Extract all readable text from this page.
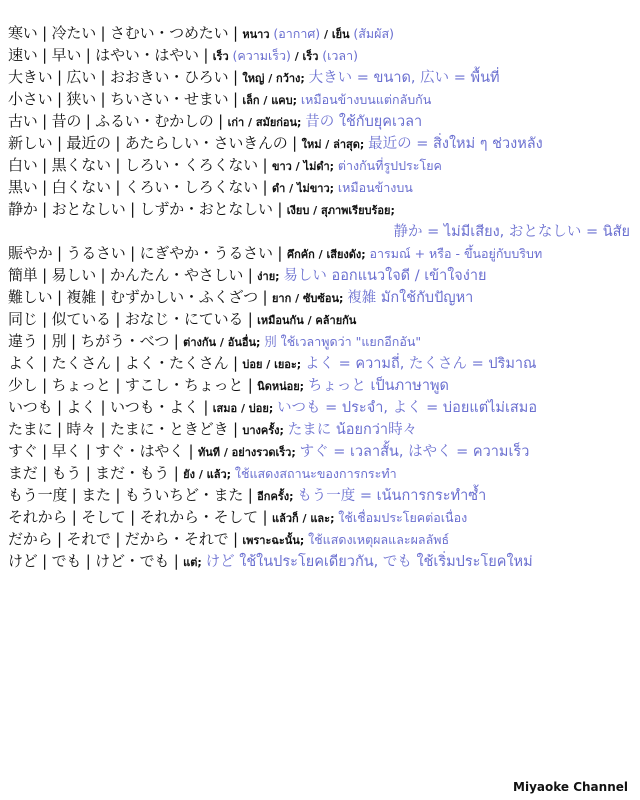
寒い | 冷たい | さむい・つめたい | หนาว (อากาศ) / เย็น (สัมผัส)
速い | 早い | はやい・はやい | เร็ว (ความเร็ว) / เร็ว (เวลา)
大きい | 広い | おおきい・ひろい | ใหญ่ / กว้าง; 大きい = ขนาด, 広い = พื้นที่
小さい | 狭い | ちいさい・せまい | เล็ก / แคบ; เหมือนข้างบนแต่กลับกัน
古い | 昔の | ふるい・むかしの | เก่า / สมัยก่อน; 昔の ใช้กับยุคเวลา
新しい | 最近の | あたらしい・さいきんの | ใหม่ / ล่าสุด; 最近の = สิ่งใหม่ ๆ ช่วงหลัง
白い | 黒くない | しろい・くろくない | ขาว / ไม่ดำ; ต่างกันที่รูปประโยค
黒い | 白くない | くろい・しろくない | ดำ / ไม่ขาว; เหมือนข้างบน
静か | おとなしい | しずか・おとなしい | เงียบ / สุภาพเรียบร้อย;
静か = ไม่มีเสียง, おとなしい = นิสัย
賑やか | うるさい | にぎやか・うるさい | คึกคัก / เสียงดัง; อารมณ์ + หรือ - ขึ้นอยู่กับบริบท
簡単 | 易しい | かんたん・やさしい | ง่าย; 易しい ออกแนวใจดี / เข้าใจง่าย
難しい | 複雑 | むずかしい・ふくざつ | ยาก / ซับซ้อน; 複雑 มักใช้กับปัญหา
同じ | 似ている | おなじ・にている | เหมือนกัน / คล้ายกัน
違う | 別 | ちがう・べつ | ต่างกัน / อันอื่น; 別 ใช้เวลาพูดว่า "แยกอีกอัน"
よく | たくさん | よく・たくさん | บ่อย / เยอะ; よく = ความถี่, たくさん = ปริมาณ
少し | ちょっと | すこし・ちょっと | นิดหน่อย; ちょっと เป็นภาษาพูด
いつも | よく | いつも・よく | เสมอ / บ่อย; いつも = ประจำ, よく = บ่อยแต่ไม่เสมอ
たまに | 時々 | たまに・ときどき | บางครั้ง; たまに น้อยกว่า時々
すぐ | 早く | すぐ・はやく | ทันที / อย่างรวดเร็ว; すぐ = เวลาสั้น, はやく = ความเร็ว
まだ | もう | まだ・もう | ยัง / แล้ว; ใช้แสดงสถานะของการกระทำ
もう一度 | また | もういちど・また | อีกครั้ง; もう一度 = เน้นการกระทำซ้ำ
それから | そして | それから・そして | แล้วก็ / และ; ใช้เชื่อมประโยคต่อเนื่อง
だから | それで | だから・それで | เพราะฉะนั้น; ใช้แสดงเหตุผลและผลลัพธ์
けど | でも | けど・でも | แต่; けど ใช้ในประโยคเดียวกัน, でも ใช้เริ่มประโยคใหม่
Miyaoke Channel
